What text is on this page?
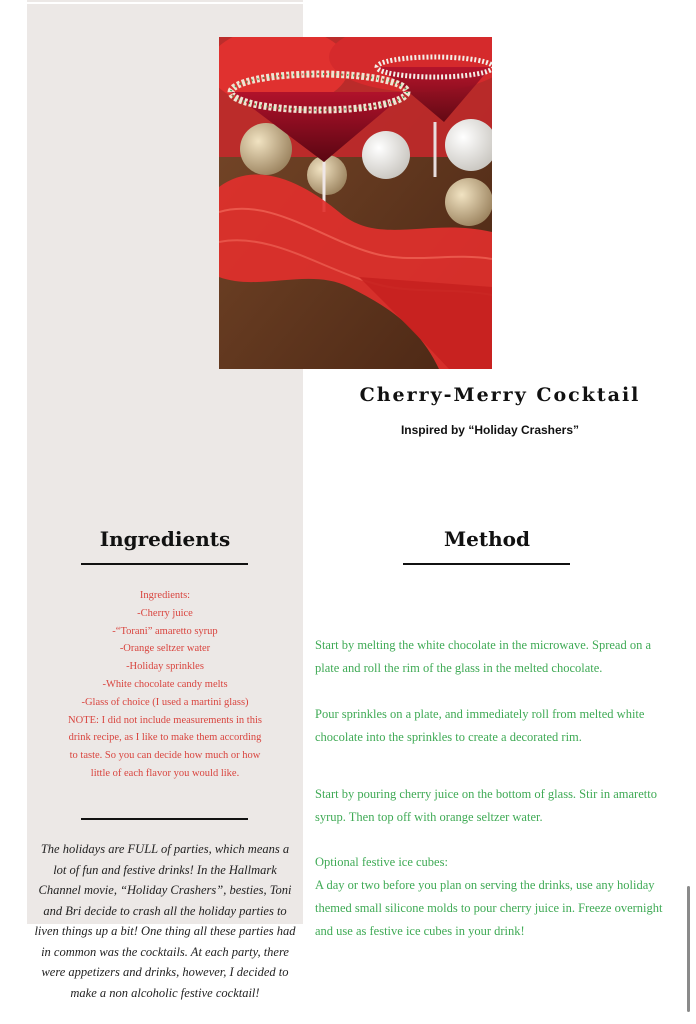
Cherry-Merry Cocktail
Inspired by “Holiday Crashers”
Ingredients	Method
Ingredients:
-Cherry juice
-“Torani” amaretto syrup
-Orange seltzer water
-Holiday sprinkles
-White chocolate candy melts
-Glass of choice (I used a martini glass)
NOTE: I did not include measurements in this
drink recipe, as I like to make them according
to taste. So you can decide how much or how
little of each flavor you would like.
The holidays are FULL of parties, which means a lot of fun and festive drinks! In the Hallmark Channel movie, “Holiday Crashers”, besties, Toni and Bri decide to crash all the holiday parties to liven things up a bit! One thing all these parties had in common was the cocktails. At each party, there were appetizers and drinks, however, I decided to make a non alcoholic festive cocktail!
Start by melting the white chocolate in the microwave. Spread on a plate and roll the rim of the glass in the melted chocolate.
Pour sprinkles on a plate, and immediately roll from melted white chocolate into the sprinkles to create a decorated rim.
Start by pouring cherry juice on the bottom of glass. Stir in amaretto syrup. Then top off with orange seltzer water.
Optional festive ice cubes:
A day or two before you plan on serving the drinks, use any holiday themed small silicone molds to pour cherry juice in. Freeze overnight and use as festive ice cubes in your drink!
